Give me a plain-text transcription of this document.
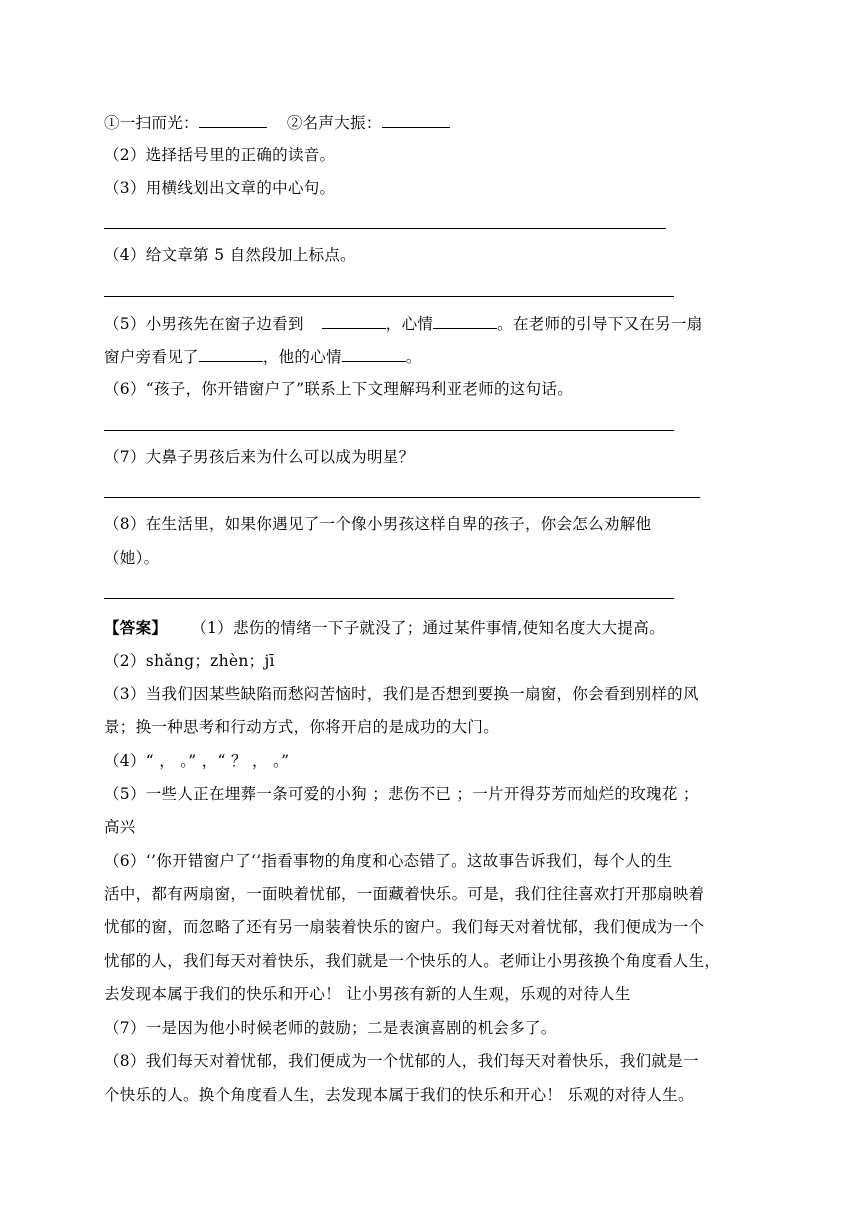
①一扫而光：	②名声大振：
（2）选择括号里的正确的读音。
（3）用横线划出文章的中心句。
（4）给文章第 5 自然段加上标点。
（5）小男孩先在窗子边看到	，心情	。在老师的引导下又在另一扇
窗户旁看见了	，他的心情	。
（6）“孩子，你开错窗户了”联系上下文理解玛利亚老师的这句话。
（7）大鼻子男孩后来为什么可以成为明星？
（8）在生活里，如果你遇见了一个像小男孩这样自卑的孩子，你会怎么劝解他
（她）。
【答案】 （1）悲伤的情绪一下子就没了；通过某件事情,使知名度大大提高。
（2）shǎng；zhèn；jī
（3）当我们因某些缺陷而愁闷苦恼时，我们是否想到要换一扇窗，你会看到别样的风
景；换一种思考和行动方式，你将开启的是成功的大门。
（4）“ ， 。” ，“ ？ ， 。”
（5）一些人正在埋葬一条可爱的小狗 ；悲伤不已 ；一片开得芬芳而灿烂的玫瑰花 ；
高兴
（6）‘’你开错窗户了‘’指看事物的角度和心态错了。这故事告诉我们，每个人的生
活中，都有两扇窗，一面映着忧郁，一面藏着快乐。可是，我们往往喜欢打开那扇映着
忧郁的窗，而忽略了还有另一扇装着快乐的窗户。我们每天对着忧郁，我们便成为一个
忧郁的人，我们每天对着快乐，我们就是一个快乐的人。老师让小男孩换个角度看人生，
去发现本属于我们的快乐和开心！ 让小男孩有新的人生观，乐观的对待人生
（7）一是因为他小时候老师的鼓励；二是表演喜剧的机会多了。
（8）我们每天对着忧郁，我们便成为一个忧郁的人，我们每天对着快乐，我们就是一
个快乐的人。换个角度看人生，去发现本属于我们的快乐和开心！ 乐观的对待人生。
